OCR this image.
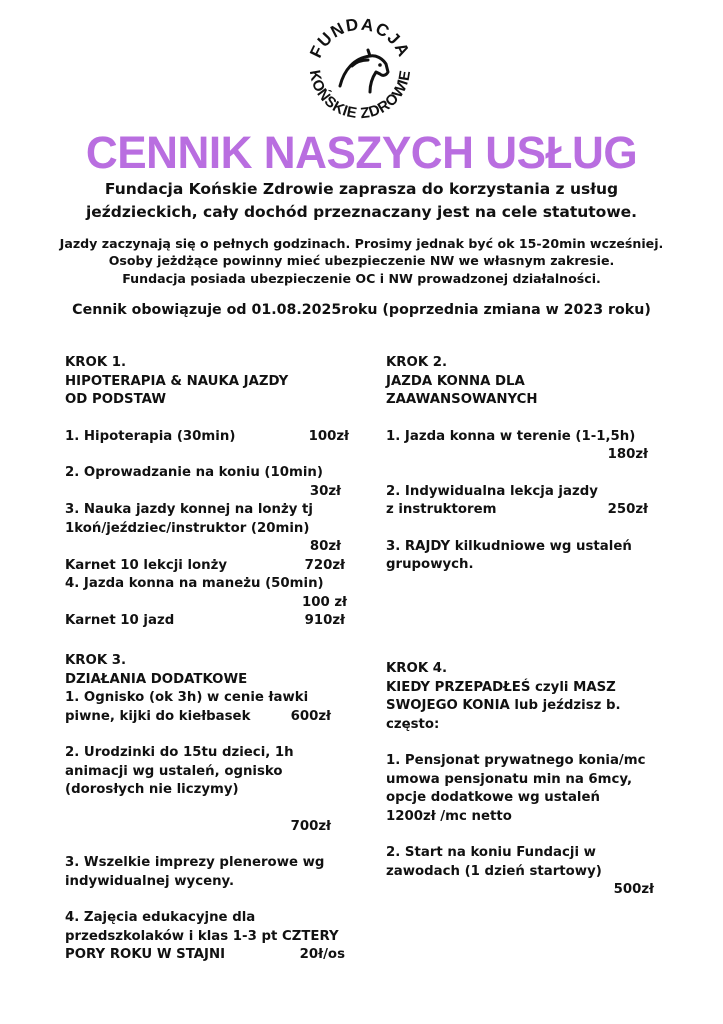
FUNDACJA
KOŃSKIE ZDROWIE
CENNIK NASZYCH USŁUG
Fundacja Końskie Zdrowie zaprasza do korzystania z usług
jeździeckich, cały dochód przeznaczany jest na cele statutowe.
Jazdy zaczynają się o pełnych godzinach. Prosimy jednak być ok 15-20min wcześniej.
Osoby jeżdżące powinny mieć ubezpieczenie NW we własnym zakresie.
Fundacja posiada ubezpieczenie OC i NW prowadzonej działalności.
Cennik obowiązuje od 01.08.2025roku (poprzednia zmiana w 2023 roku)
KROK 1.
HIPOTERAPIA & NAUKA JAZDY
OD PODSTAW
1. Hipoterapia (30min)	100zł
2. Oprowadzanie na koniu (10min)
30zł
3. Nauka jazdy konnej na lonży tj
1koń/jeździec/instruktor (20min)
80zł
Karnet 10 lekcji lonży	720zł
4. Jazda konna na maneżu (50min)
100 zł
Karnet 10 jazd	910zł
KROK 2.
JAZDA KONNA DLA
ZAAWANSOWANYCH
1. Jazda konna w terenie (1-1,5h)
180zł
2. Indywidualna lekcja jazdy
z instruktorem	250zł
3. RAJDY kilkudniowe wg ustaleń
grupowych.
KROK 3.
DZIAŁANIA DODATKOWE
1. Ognisko (ok 3h) w cenie ławki
piwne, kijki do kiełbasek	600zł
2. Urodzinki do 15tu dzieci, 1h
animacji wg ustaleń, ognisko
(dorosłych nie liczymy)
700zł
3. Wszelkie imprezy plenerowe wg
indywidualnej wyceny.
4. Zajęcia edukacyjne dla
przedszkolaków i klas 1-3 pt CZTERY
PORY ROKU W STAJNI	20ł/os
KROK 4.
KIEDY PRZEPADŁEŚ czyli MASZ
SWOJEGO KONIA lub jeździsz b.
często:
1. Pensjonat prywatnego konia/mc
umowa pensjonatu min na 6mcy,
opcje dodatkowe wg ustaleń
1200zł /mc netto
2. Start na koniu Fundacji w
zawodach (1 dzień startowy)
500zł
